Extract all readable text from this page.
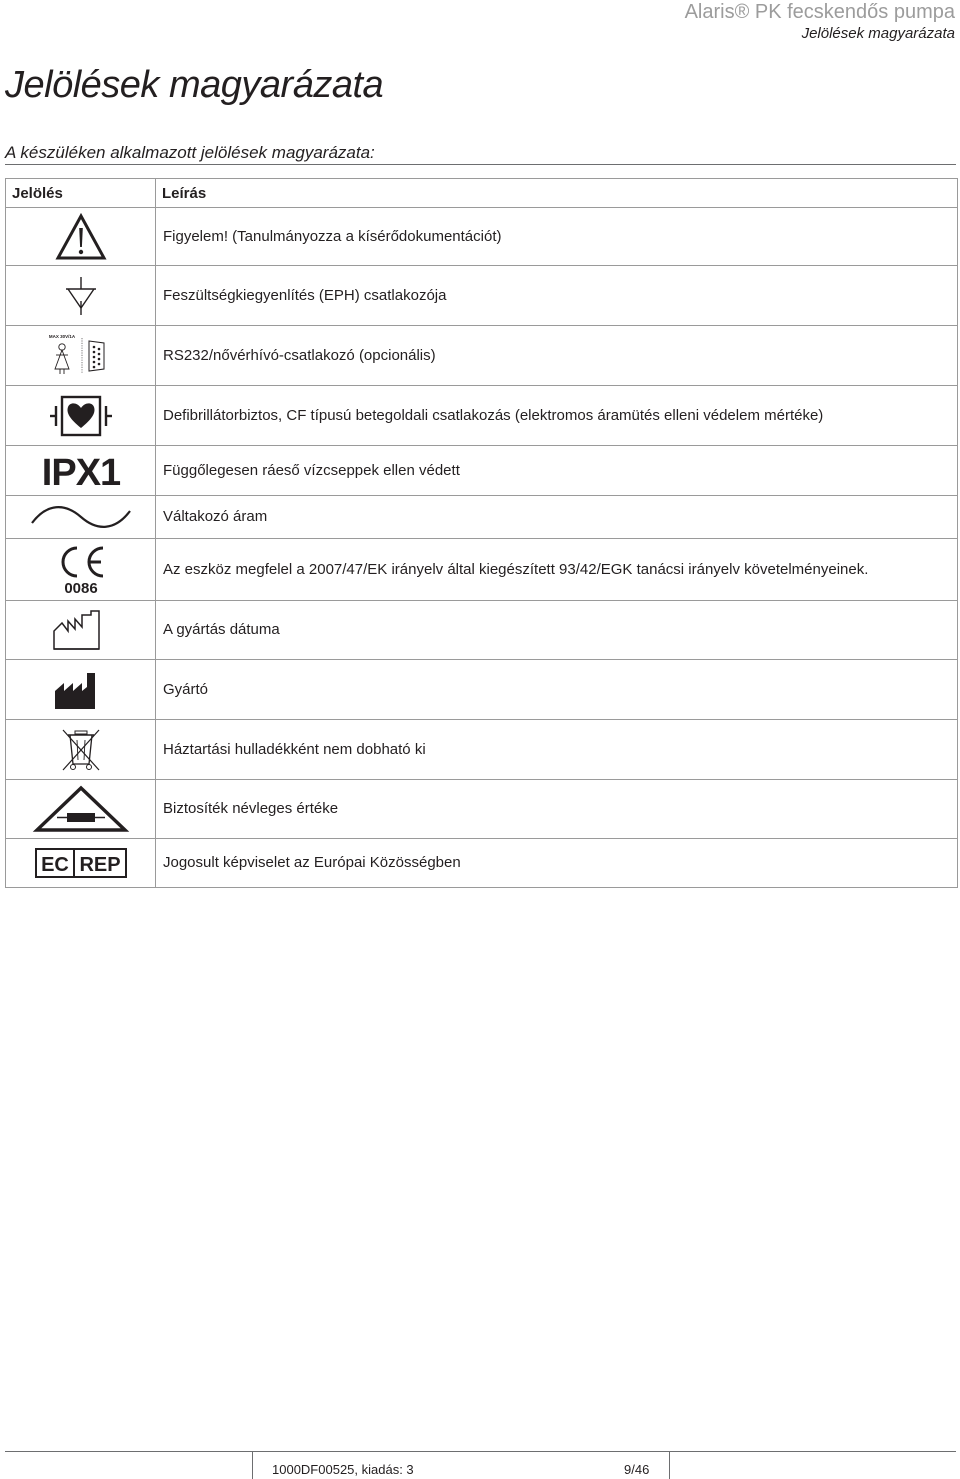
Alaris® PK fecskendős pumpa
Jelölések magyarázata
Jelölések magyarázata
A készüléken alkalmazott jelölések magyarázata:
Jelölés	Leírás

	Figyelem! (Tanulmányozza a kísérődokumentációt)

	Feszültségkiegyenlítés (EPH) csatlakozója

MAX 30V/1A	RS232/nővérhívó-csatlakozó (opcionális)

	Defibrillátorbiztos, CF típusú betegoldali csatlakozás (elektromos áramütés elleni védelem mértéke)

IPX1	Függőlegesen ráeső vízcseppek ellen védett

	Váltakozó áram

0086	Az eszköz megfelel a 2007/47/EK irányelv által kiegészített 93/42/EGK tanácsi irányelv követelményeinek.

	A gyártás dátuma

	Gyártó

	Háztartási hulladékként nem dobható ki

	Biztosíték névleges értéke

EC REP	Jogosult képviselet az Európai Közösségben
1000DF00525, kiadás: 3	9/46
